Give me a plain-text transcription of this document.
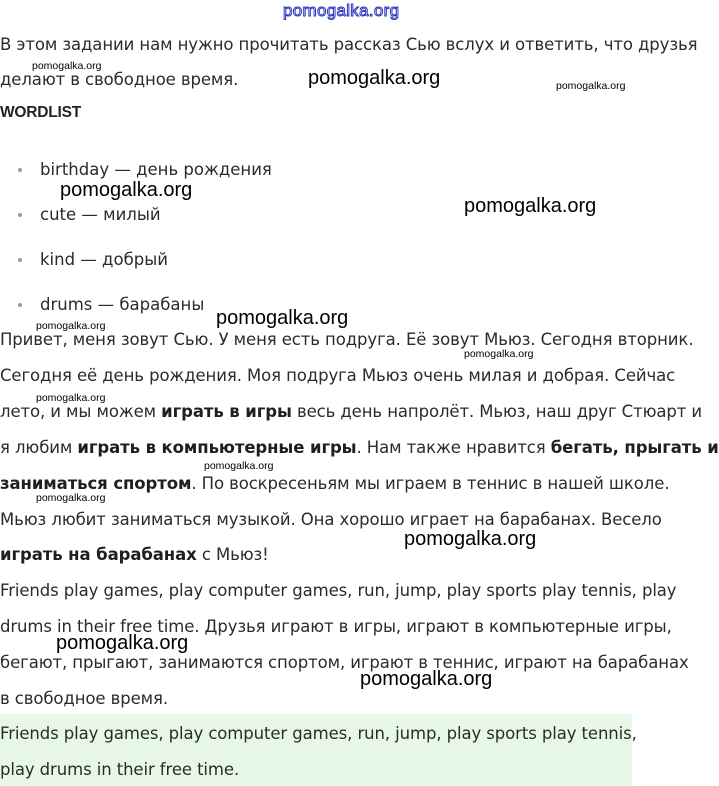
pomogalka.org
В этом задании нам нужно прочитать рассказ Сью вслух и ответить, что друзья
делают в свободное время.
WORDLIST
birthday — день рождения
cute — милый
kind — добрый
drums — барабаны
Привет, меня зовут Сью. У меня есть подруга. Её зовут Мьюз. Сегодня вторник.
Сегодня её день рождения. Моя подруга Мьюз очень милая и добрая. Сейчас
лето, и мы можем играть в игры весь день напролёт. Мьюз, наш друг Стюарт и
я любим играть в компьютерные игры. Нам также нравится бегать, прыгать и
заниматься спортом. По воскресеньям мы играем в теннис в нашей школе.
Мьюз любит заниматься музыкой. Она хорошо играет на барабанах. Весело
играть на барабанах с Мьюз!
Friends play games, play computer games, run, jump, play sports play tennis, play
drums in their free time. Друзья играют в игры, играют в компьютерные игры,
бегают, прыгают, занимаются спортом, играют в теннис, играют на барабанах
в свободное время.
Friends play games, play computer games, run, jump, play sports play tennis,
play drums in their free time.
pomogalka.org
pomogalka.org	pomogalka.org
pomogalka.org
pomogalka.org
pomogalka.org
pomogalka.org
pomogalka.org
pomogalka.org
pomogalka.org
pomogalka.org
pomogalka.org
pomogalka.org
pomogalka.org
